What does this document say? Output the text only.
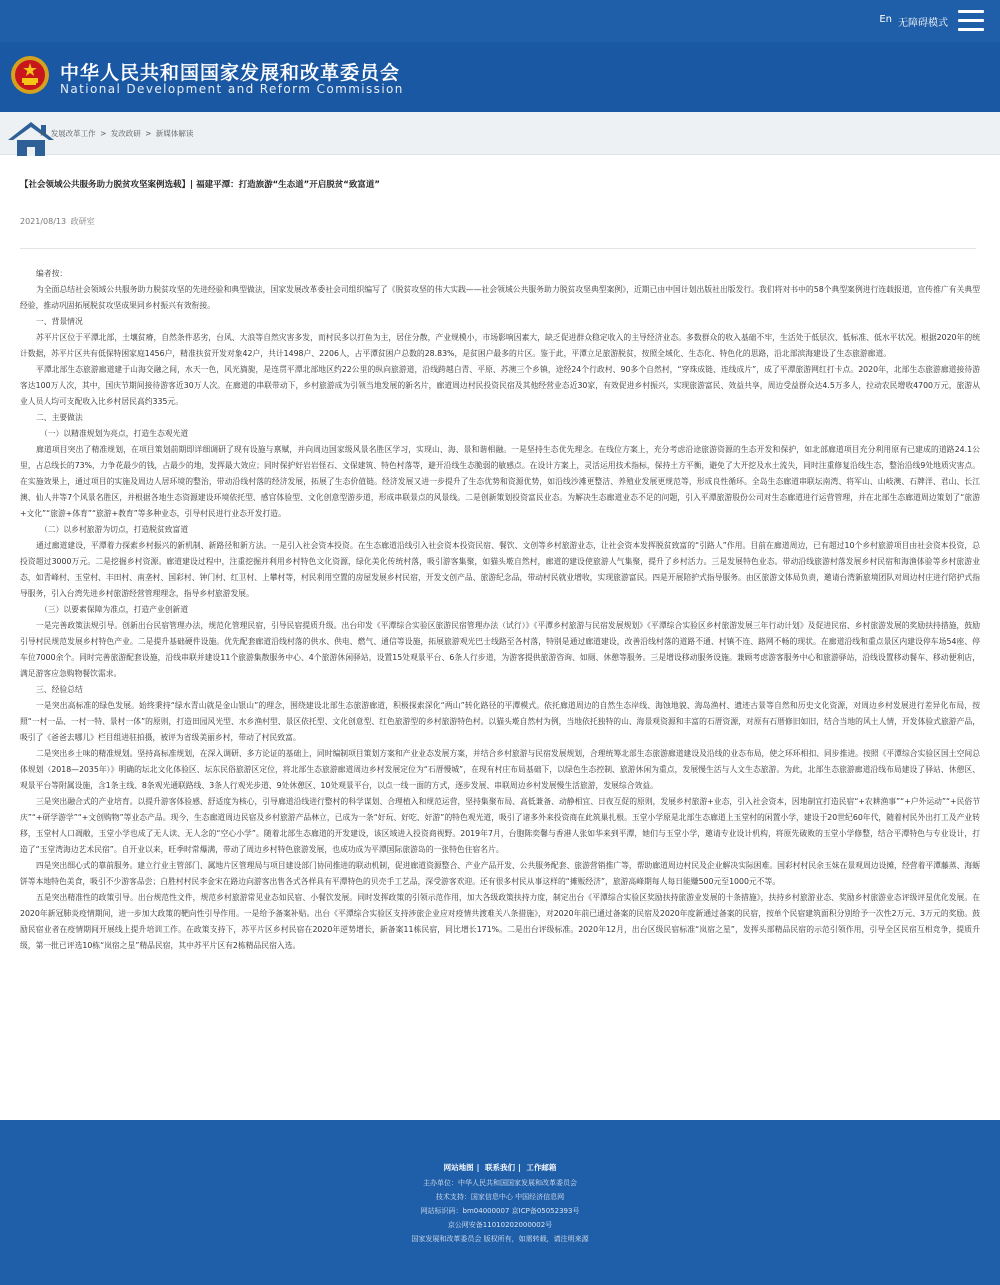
En 无障碍模式
中华人民共和国国家发展和改革委员会
National Development and Reform Commission
> 发展改革工作 > 发改政研 > 新媒体解读
【社会领域公共服务助力脱贫攻坚案例选载】| 福建平潭：打造旅游“生态道”开启脱贫“致富道”
2021/08/13 政研室

编者按：

为全面总结社会领域公共服务助力脱贫攻坚的先进经验和典型做法，国家发展改革委社会司组织编写了《脱贫攻坚的伟大实践——社会领域公共服务助力脱贫攻坚典型案例》，近期已由中国计划出版社出版发行。我们将对书中的58个典型案例进行连载报道，宣传推广有关典型经验，推动巩固拓展脱贫攻坚成果同乡村振兴有效衔接。

一、背景情况

苏平片区位于平潭北部，土壤贫瘠，自然条件恶劣，台风、大浪等自然灾害多发，而村民多以打鱼为主，居住分散，产业规模小，市场影响因素大，缺乏促进群众稳定收入的主导经济业态。多数群众的收入基础不牢，生活处于低层次、低标准、低水平状况。根据2020年的统计数据，苏平片区共有低保特困家庭1456户，精准扶贫开发对象42户，共计1498户、2206人，占平潭贫困户总数的28.83%，是贫困户最多的片区。鉴于此，平潭立足旅游脱贫，按照全域化、生态化、特色化的思路，沿北部滨海建设了生态旅游廊道。

平潭北部生态旅游廊道建于山海交融之间，水天一色，风光旖旎，是连贯平潭北部地区约22公里的纵向旅游道，沿线跨越白青、平原、苏澳三个乡镇，途经24个行政村、90多个自然村，“穿珠成链、连线成片”，成了平潭旅游网红打卡点。2020年，北部生态旅游廊道接待游客达100万人次，其中，国庆节期间接待游客近30万人次。在廊道的串联带动下，乡村旅游成为引领当地发展的新名片，廊道周边村民投资民宿及其他经营业态近30家，有效促进乡村振兴，实现旅游富民、效益共享，周边受益群众达4.5万多人，拉动农民增收4700万元，旅游从业人员人均可支配收入比乡村居民高约335元。

二、主要做法

（一）以精准规划为亮点，打造生态观光道

廊道项目突出了精准规划，在项目策划前期即详细调研了现有设施与禀赋，并向周边国家级风景名胜区学习，实现山、海、景和谐相融。一是坚持生态优先理念。在线位方案上，充分考虑沿途旅游资源的生态开发和保护，如北部廊道项目充分利用原有已建成的道路24.1公里，占总线长的73%，力争花最少的钱，占最少的地，发挥最大效应；同时保护好岩岩怪石、文保建筑、特色村落等，避开沿线生态脆弱的敏感点。在设计方案上，灵活运用技术指标，保持土方平衡，避免了大开挖及水土流失，同时注重修复沿线生态，整治沿线9处地质灾害点。在实施效果上，通过项目的实施及周边人居环境的整治，带动沿线村落的经济发展，拓展了生态价值链。经济发展又进一步提升了生态优势和资源优势，如沿线沙滩更整洁、养殖业发展更规范等，形成良性循环。全岛生态廊道串联坛南湾、将军山、山岐澳、石牌洋、君山、长江澳、仙人井等7个风景名胜区，并根据各地生态资源建设环境依托型、感官体验型、文化创意型游步道，形成串联景点的风景线。二是创新策划投资富民业态。为解决生态廊道业态不足的问题，引入平潭旅游股份公司对生态廊道进行运营管理，并在北部生态廊道周边策划了“旅游+文化”“旅游+体育”“旅游+教育”等多种业态，引导村民进行业态开发打造。

（二）以乡村旅游为切点，打造脱贫致富道

通过廊道建设，平潭着力探索乡村振兴的新机制、新路径和新方法。一是引入社会资本投资。在生态廊道沿线引入社会资本投资民宿、餐饮、文创等乡村旅游业态，让社会资本发挥脱贫致富的“引路人”作用。目前在廊道周边，已有超过10个乡村旅游项目由社会资本投资，总投资超过3000万元。二是挖掘乡村资源。廊道建设过程中，注重挖掘并利用乡村特色文化资源，绿化美化传统村落，吸引游客集聚，如猫头墘自然村，廊道的建设使旅游人气集聚，提升了乡村活力。三是发展特色业态。带动沿线旅游村落发展乡村民宿和海渔体验等乡村旅游业态，如青峰村、玉堂村、丰田村、南垄村、国彩村、钟门村、红卫村、上攀村等，村民利用空置的房屋发展乡村民宿，开发文创产品、旅游纪念品，带动村民就业增收，实现旅游富民。四是开展陪护式指导服务。由区旅游文体局负责，邀请台湾新旅境团队对周边村庄进行陪护式指导服务，引入台湾先进乡村旅游经营管理理念，指导乡村旅游发展。

（三）以要素保障为准点，打造产业创新道

一是完善政策法规引导。创新出台民宿管理办法，规范化管理民宿，引导民宿提质升级。出台印发《平潭综合实验区旅游民宿管理办法（试行）》《平潭乡村旅游与民宿发展规划》《平潭综合实验区乡村旅游发展三年行动计划》及促进民宿、乡村旅游发展的奖励扶持措施，鼓励引导村民规范发展乡村特色产业。二是提升基础硬件设施。优先配套廊道沿线村落的供水、供电、燃气、通信等设施，拓展旅游观光巴士线路至各村落，特别是通过廊道建设，改善沿线村落的道路不通、村镇不连、路网不畅的现状。在廊道沿线和重点景区内建设停车场54座、停车位7000余个。同时完善旅游配套设施，沿线串联并建设11个旅游集散服务中心、4个旅游休闲驿站，设置15处观景平台、6条人行步道，为游客提供旅游咨询、如厕、休憩等服务。三是增设移动服务设施。兼顾考虑游客服务中心和旅游驿站，沿线设置移动餐车、移动便利店，满足游客应急购物餐饮需求。

三、经验总结

一是突出高标准的绿色发展。始终秉持“绿水青山就是金山银山”的理念，围绕建设北部生态旅游廊道，积极探索深化“两山”转化路径的平潭模式。依托廊道周边的自然生态岸线、海蚀地貌、海岛渔村、遗迹古景等自然和历史文化资源，对周边乡村发展进行差异化布局，按照“一村一品、一村一特、景村一体”的原则，打造田园风光型、水乡渔村型、景区依托型、文化创意型、红色旅游型的乡村旅游特色村。以猫头墘自然村为例，当地依托独特的山、海景观资源和丰富的石厝资源，对原有石厝修旧如旧，结合当地的风土人情，开发体验式旅游产品，吸引了《爸爸去哪儿》栏目组进驻拍摄，被评为省级美丽乡村，带动了村民致富。

二是突出乡土味的精准规划。坚持高标准规划，在深入调研、多方论证的基础上，同时编制项目策划方案和产业业态发展方案，并结合乡村旅游与民宿发展规划，合理统筹北部生态旅游廊道建设及沿线的业态布局，使之环环相扣、同步推进。按照《平潭综合实验区国土空间总体规划（2018—2035年）》明确的坛北文化体验区、坛东民俗旅游区定位，将北部生态旅游廊道周边乡村发展定位为“石厝慢城”，在现有村庄布局基础下，以绿色生态控制、旅游休闲为重点，发展慢生活与人文生态旅游。为此，北部生态旅游廊道沿线布局建设了驿站、休憩区、观景平台等附属设施，含1条主线、8条观光通联路线、3条人行观光步道、9处休憩区、10处观景平台，以点一线一面的方式，逐步发展、串联周边乡村发展慢生活旅游，发展综合效益。

三是突出融合式的产业培育。以提升游客体验感、舒适度为核心，引导廊道沿线进行整村的科学谋划、合理植入和规范运营，坚持集聚布局、高低兼备、动静相宜、日夜互促的原则，发展乡村旅游+业态，引入社会资本，因地制宜打造民宿“+农耕渔事”“+户外运动”“+民俗节庆”“+研学游学”“+文创购物”等业态产品。现今，生态廊道周边民宿及乡村旅游产品林立，已成为一条“好玩、好吃、好游”的特色观光道，吸引了诸多外来投资商在此筑巢扎根。玉堂小学原是北部生态廊道上玉堂村的闲置小学，建设于20世纪60年代，随着村民外出打工及产业转移，玉堂村人口凋敝，玉堂小学也成了无人读、无人念的“空心小学”。随着北部生态廊道的开发建设，该区域进入投资商视野。2019年7月，台胞陈奕馨与香港人张如华来到平潭，她们与玉堂小学，邀请专业设计机构，将原先破败的玉堂小学修整，结合平潭特色与专业设计，打造了“玉堂湾海边艺术民宿”。自开业以来，旺季时常爆满，带动了周边乡村特色旅游发展，也成功成为平潭国际旅游岛的一张特色住宿名片。

四是突出细心式的靠前服务。建立行业主管部门、属地片区管理局与项目建设部门协同推进的联动机制，促进廊道资源整合、产业产品开发、公共服务配套、旅游营销推广等，帮助廊道周边村民及企业解决实际困难。国彩村村民余玉妹在景观周边设摊，经营着平潭藤蒸、海蛎饼等本地特色美食，吸引不少游客品尝；白胜村村民李金宋在路边向游客出售各式各样具有平潭特色的贝壳手工艺品，深受游客欢迎。还有很多村民从事这样的“摊贩经济”，旅游高峰期每人每日能赚500元至1000元不等。

五是突出精准性的政策引导。出台规范性文件，规范乡村旅游常见业态如民宿、小餐饮发展。同时发挥政策的引领示范作用，加大各级政策扶持力度，制定出台《平潭综合实验区奖励扶持旅游业发展的十条措施》，扶持乡村旅游业态、奖励乡村旅游业态评级评星优化发展。在2020年新冠肺炎疫情期间，进一步加大政策的靶向性引导作用。一是给予备案补贴。出台《平潭综合实验区支持涉旅企业应对疫情共渡难关八条措施》，对2020年前已通过备案的民宿及2020年度新通过备案的民宿，按单个民宿建筑面积分别给予一次性2万元、3万元的奖励。鼓励民宿业者在疫情期间开展线上提升培训工作。在政策支持下，苏平片区乡村民宿在2020年逆势增长，新备案11栋民宿，同比增长171%。二是出台评级标准。2020年12月，出台区级民宿标准“岚宿之星”，发挥头部精品民宿的示范引领作用，引导全区民宿互相竞争，提质升级，第一批已评选10栋“岚宿之星”精品民宿，其中苏平片区有2栋精品民宿入选。

网站地图 | 联系我们 | 工作邮箱
主办单位：中华人民共和国国家发展和改革委员会
技术支持：国家信息中心 中国经济信息网
网站标识码：bm04000007 京ICP备05052393号
京公网安备11010202000002号
国家发展和改革委员会 版权所有，如需转载，请注明来源
